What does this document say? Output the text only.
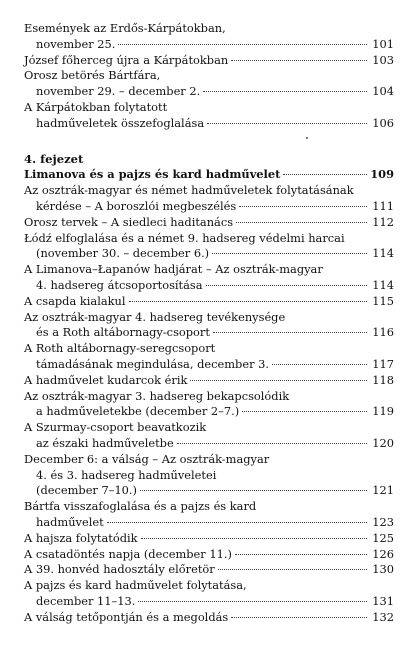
Események az Erdős-Kárpátokban,
november 25.	101
József főherceg újra a Kárpátokban	103
Orosz betörés Bártfára,
november 29. – december 2.	104
A Kárpátokban folytatott
hadműveletek összefoglalása	106
4. fejezet
Limanova és a pajzs és kard hadművelet	109
Az osztrák-magyar és német hadműveletek folytatásának
kérdése – A boroszlói megbeszélés	111
Orosz tervek – A siedleci haditanács	112
Łódź elfoglalása és a német 9. hadsereg védelmi harcai
(november 30. – december 6.)	114
A Limanova–Łapanów hadjárat – Az osztrák-magyar
4. hadsereg átcsoportosítása	114
A csapda kialakul	115
Az osztrák-magyar 4. hadsereg tevékenysége
és a Roth altábornagy-csoport	116
A Roth altábornagy-seregcsoport
támadásának megindulása, december 3.	117
A hadművelet kudarcok érik	118
Az osztrák-magyar 3. hadsereg bekapcsolódik
a hadműveletekbe (december 2–7.)	119
A Szurmay-csoport beavatkozik
az északi hadműveletbe	120
December 6: a válság – Az osztrák-magyar
4. és 3. hadsereg hadműveletei
(december 7–10.)	121
Bártfa visszafoglalása és a pajzs és kard
hadművelet	123
A hajsza folytatódik	125
A csatadöntés napja (december 11.)	126
A 39. honvéd hadosztály előretör	130
A pajzs és kard hadművelet folytatása,
december 11–13.	131
A válság tetőpontján és a megoldás	132
